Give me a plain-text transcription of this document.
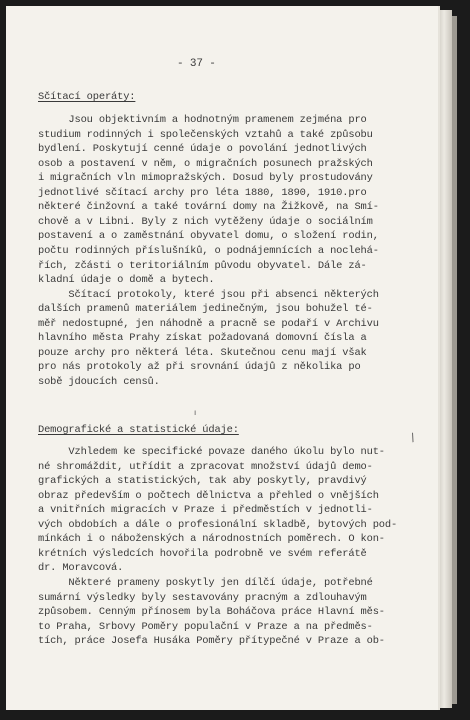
- 37 -
Sčítací operáty:
Jsou objektivním a hodnotným pramenem zejména pro
studium rodinných i společenských vztahů a také způsobu
bydlení. Poskytují cenné údaje o povolání jednotlivých
osob a postavení v něm, o migračních posunech pražských
i migračních vln mimopražských. Dosud byly prostudovány
jednotlivé sčítací archy pro léta 1880, 1890, 1910.pro
některé činžovní a také tovární domy na Žižkově, na Smí-
chově a v Libni. Byly z nich vytěženy údaje o sociálním
postavení a o zaměstnání obyvatel domu, o složení rodin,
počtu rodinných příslušníků, o podnájemnících a noclehá-
řích, zčásti o teritoriálním původu obyvatel. Dále zá-
kladní údaje o domě a bytech.
Sčítací protokoly, které jsou při absenci některých
dalších pramenů materiálem jedinečným, jsou bohužel té-
měř nedostupné, jen náhodně a pracně se podaří v Archivu
hlavního města Prahy získat požadovaná domovní čísla a
pouze archy pro některá léta. Skutečnou cenu mají však
pro nás protokoly až při srovnání údajů z několika po
sobě jdoucích censů.
ı
/
Demografické a statistické údaje:
Vzhledem ke specifické povaze daného úkolu bylo nut-
né shromáždit, utřídit a zpracovat množství údajů demo-
grafických a statistických, tak aby poskytly, pravdivý
obraz především o počtech dělnictva a přehled o vnějších
a vnitřních migracích v Praze i předměstích v jednotli-
vých obdobích a dále o profesionální skladbě, bytových pod-
mínkách i o náboženských a národnostních poměrech. O kon-
krétních výsledcích hovořila podrobně ve svém referátě
dr. Moravcová.
Některé prameny poskytly jen dílčí údaje, potřebné
sumární výsledky byly sestavovány pracným a zdlouhavým
způsobem. Cenným přínosem byla Boháčova práce Hlavní měs-
to Praha, Srbovy Poměry populační v Praze a na předměs-
tích, práce Josefa Husáka Poměry přítypečné v Praze a ob-
